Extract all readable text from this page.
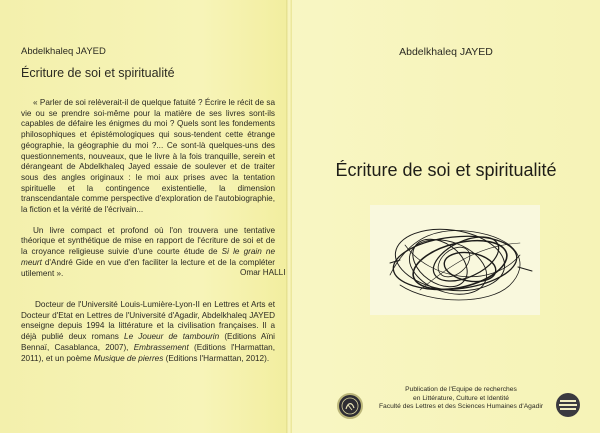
Abdelkhaleq JAYED
Écriture de soi et spiritualité

« Parler de soi relèverait-il de quelque fatuité ? Écrire le récit de sa vie ou se prendre soi-même pour la matière de ses livres sont-ils capables de défaire les énigmes du moi ? Quels sont les fondements philosophiques et épistémologiques qui sous-tendent cette étrange géographie, la géographie du moi ?... Ce sont-là quelques-uns des questionnements, nouveaux, que le livre à la fois tranquille, serein et dérangeant de Abdelkhaleq Jayed essaie de soulever et de traiter sous des angles originaux : le moi aux prises avec la tentation spirituelle et la contingence existentielle, la dimension transcendantale comme perspective d'exploration de l'autobiographie, la fiction et la vérité de l'écrivain...

Un livre compact et profond où l'on trouvera une tentative théorique et synthétique de mise en rapport de l'écriture de soi et de la croyance religieuse suivie d'une courte étude de Si le grain ne meurt d'André Gide en vue d'en faciliter la lecture et de la compléter utilement ».	Omar HALLI
Docteur de l'Université Louis-Lumière-Lyon-II en Lettres et Arts et Docteur d'Etat en Lettres de l'Université d'Agadir, Abdelkhaleq JAYED enseigne depuis 1994 la littérature et la civilisation françaises. Il a déjà publié deux romans Le Joueur de tambourin (Editions Aïni Bennaï, Casablanca, 2007), Embrassement (Editions l'Harmattan, 2011), et un poème Musique de pierres (Editions l'Harmattan, 2012).
Abdelkhaleq JAYED
Écriture de soi et spiritualité
Publication de l'Equipe de recherches
en Littérature, Culture et Identité
Faculté des Lettres et des Sciences Humaines d'Agadir
